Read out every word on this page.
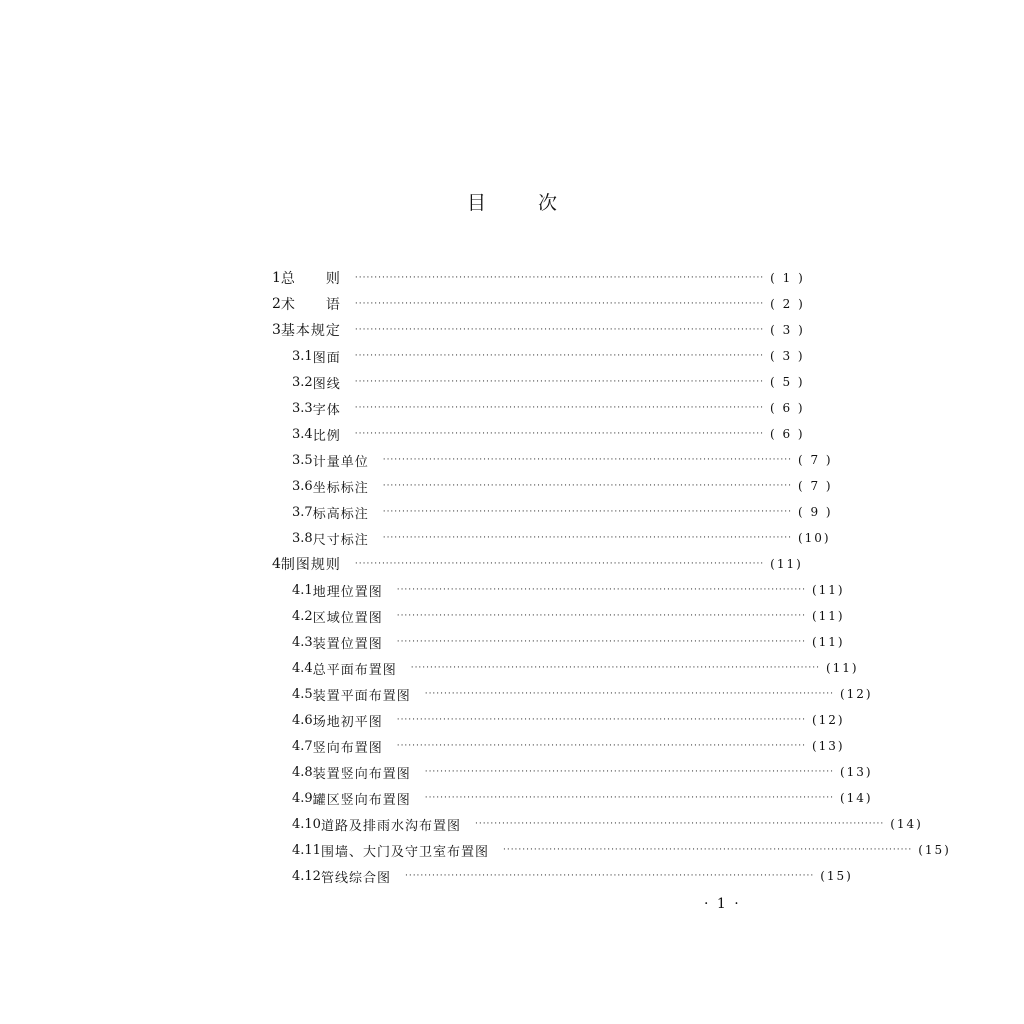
目	次
1 总　　则 ·········································································································· ( 1 )
2 术　　语 ·········································································································· ( 2 )
3 基本规定 ·········································································································· ( 3 )
3.1 图面 ·········································································································· ( 3 )
3.2 图线 ·········································································································· ( 5 )
3.3 字体 ·········································································································· ( 6 )
3.4 比例 ·········································································································· ( 6 )
3.5 计量单位 ·········································································································· ( 7 )
3.6 坐标标注 ·········································································································· ( 7 )
3.7 标高标注 ·········································································································· ( 9 )
3.8 尺寸标注 ·········································································································· (10)
4 制图规则 ·········································································································· (11)
4.1 地理位置图 ·········································································································· (11)
4.2 区域位置图 ·········································································································· (11)
4.3 装置位置图 ·········································································································· (11)
4.4 总平面布置图 ·········································································································· (11)
4.5 装置平面布置图 ·········································································································· (12)
4.6 场地初平图 ·········································································································· (12)
4.7 竖向布置图 ·········································································································· (13)
4.8 装置竖向布置图 ·········································································································· (13)
4.9 罐区竖向布置图 ·········································································································· (14)
4.10 道路及排雨水沟布置图 ·········································································································· (14)
4.11 围墙、大门及守卫室布置图 ·········································································································· (15)
4.12 管线综合图 ·········································································································· (15)
· 1 ·
